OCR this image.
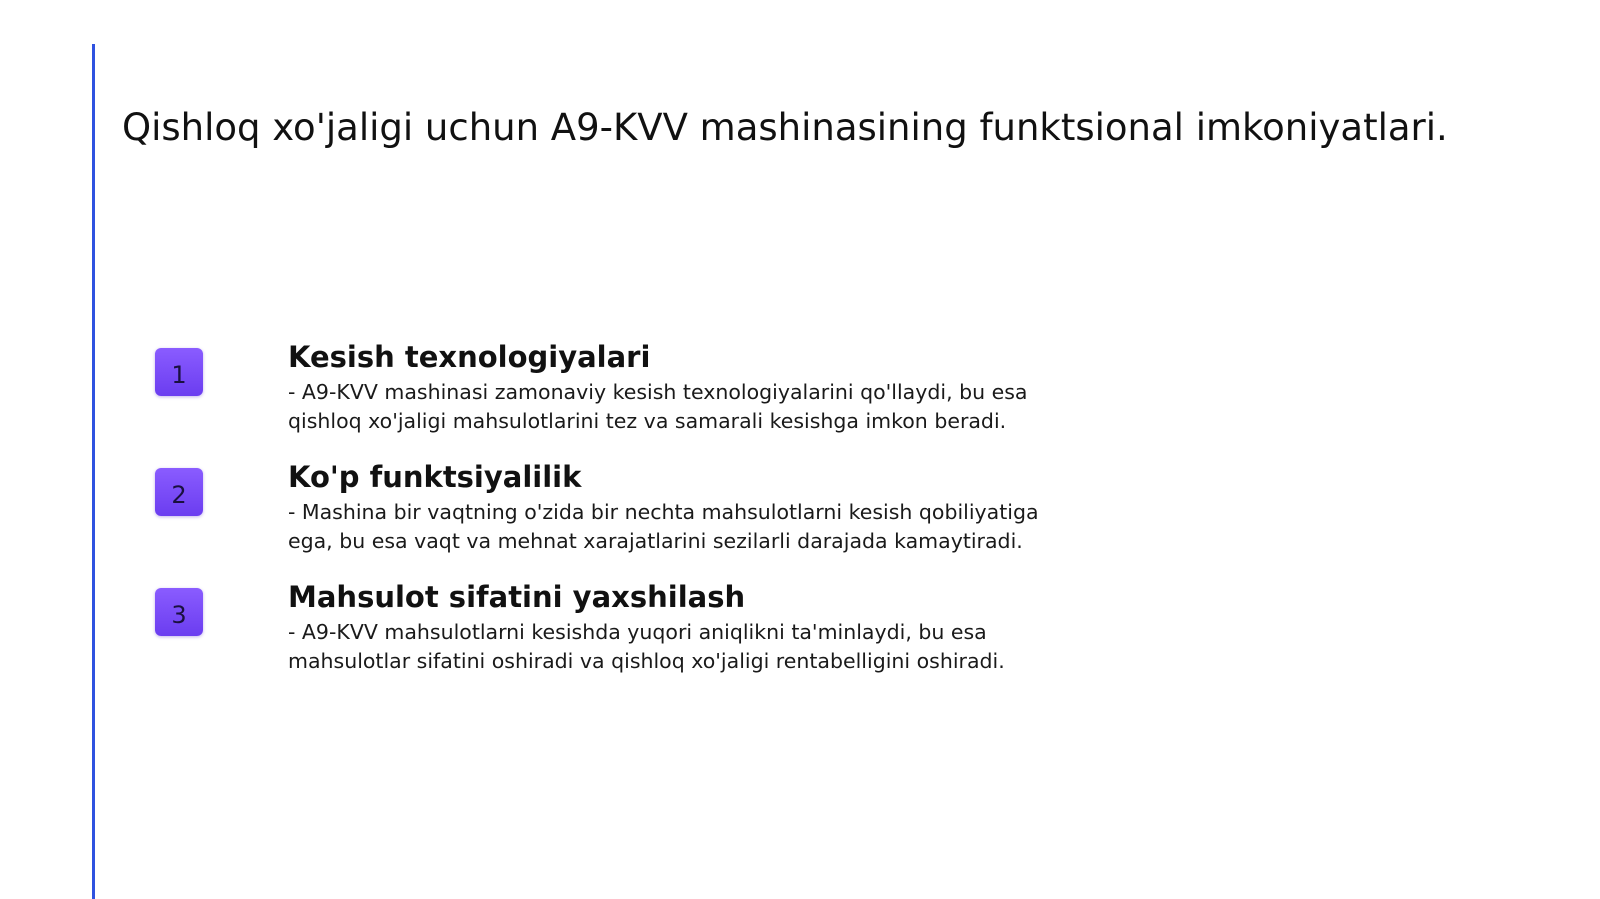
Qishloq xo'jaligi uchun A9-KVV mashinasining funktsional imkoniyatlari.
1
Kesish texnologiyalari

- A9-KVV mashinasi zamonaviy kesish texnologiyalarini qo'llaydi, bu esa
qishloq xo'jaligi mahsulotlarini tez va samarali kesishga imkon beradi.

2
Ko'p funktsiyalilik

- Mashina bir vaqtning o'zida bir nechta mahsulotlarni kesish qobiliyatiga
ega, bu esa vaqt va mehnat xarajatlarini sezilarli darajada kamaytiradi.

3
Mahsulot sifatini yaxshilash

- A9-KVV mahsulotlarni kesishda yuqori aniqlikni ta'minlaydi, bu esa
mahsulotlar sifatini oshiradi va qishloq xo'jaligi rentabelligini oshiradi.
